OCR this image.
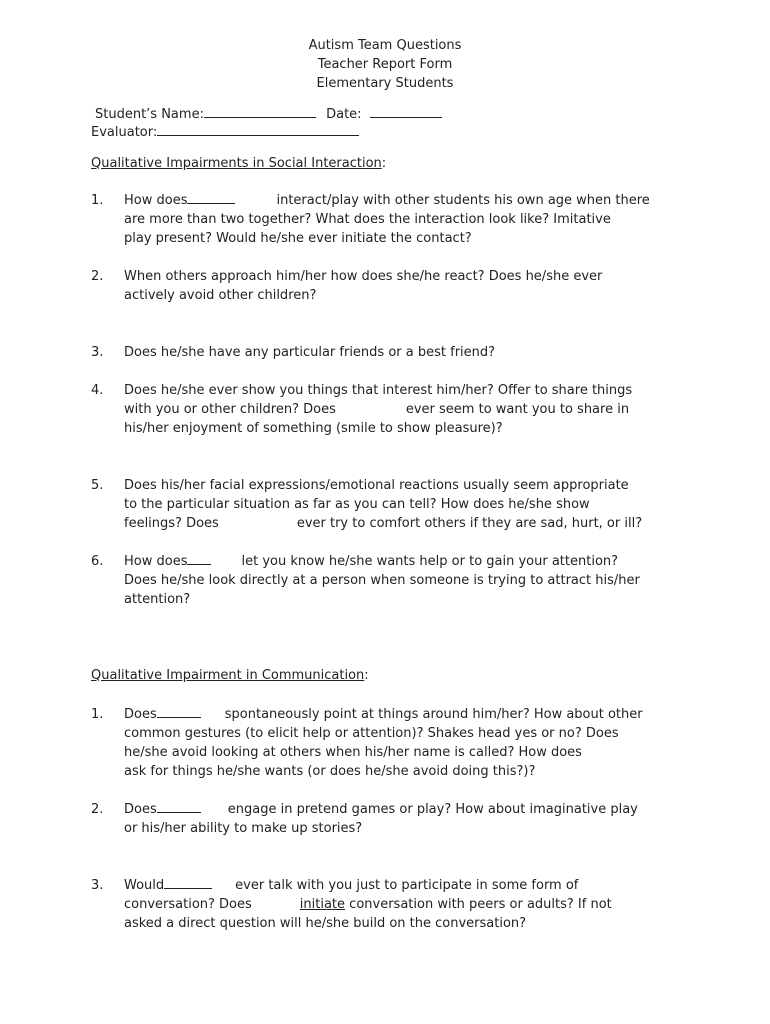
Autism Team Questions
Teacher Report Form
Elementary Students
Student’s Name:	Date:
Evaluator:
Qualitative Impairments in Social Interaction:
1. How does	interact/play with other students his own age when there
are more than two together? What does the interaction look like? Imitative
play present? Would he/she ever initiate the contact?
2. When others approach him/her how does she/he react? Does he/she ever
actively avoid other children?
3. Does he/she have any particular friends or a best friend?
4. Does he/she ever show you things that interest him/her? Offer to share things
with you or other children? Does	ever seem to want you to share in
his/her enjoyment of something (smile to show pleasure)?
5. Does his/her facial expressions/emotional reactions usually seem appropriate
to the particular situation as far as you can tell? How does he/she show
feelings? Does	ever try to comfort others if they are sad, hurt, or ill?
6. How does	let you know he/she wants help or to gain your attention?
Does he/she look directly at a person when someone is trying to attract his/her
attention?
Qualitative Impairment in Communication:
1. Does	spontaneously point at things around him/her? How about other
common gestures (to elicit help or attention)? Shakes head yes or no? Does
he/she avoid looking at others when his/her name is called? How does
ask for things he/she wants (or does he/she avoid doing this?)?
2. Does	engage in pretend games or play? How about imaginative play
or his/her ability to make up stories?
3. Would	ever talk with you just to participate in some form of
conversation? Does	initiate conversation with peers or adults? If not
asked a direct question will he/she build on the conversation?
